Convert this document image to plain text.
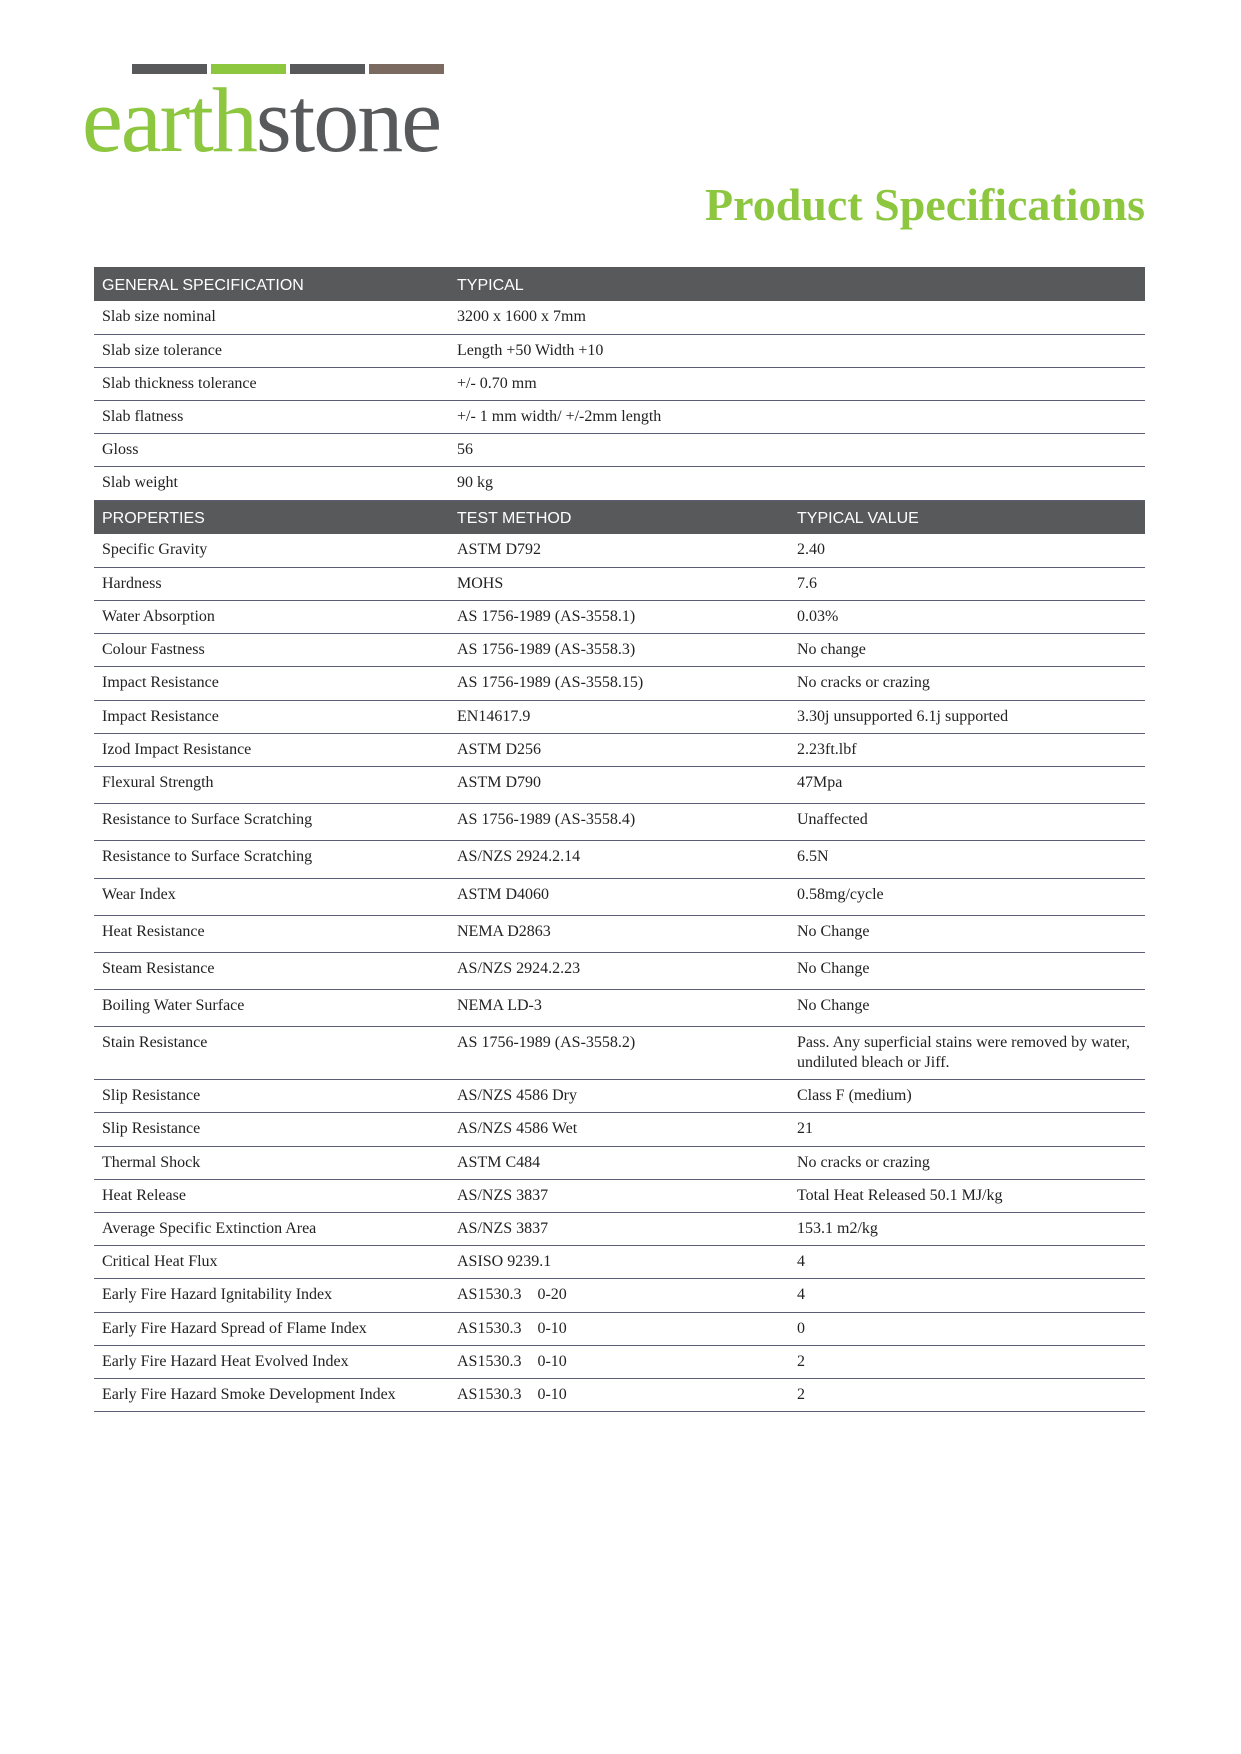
earthstone
Product Specifications
GENERAL SPECIFICATION	TYPICAL	
Slab size nominal	3200 x 1600 x 7mm	
Slab size tolerance	Length +50 Width +10	
Slab thickness tolerance	+/- 0.70 mm	
Slab flatness	+/- 1 mm width/ +/-2mm length	
Gloss	56	
Slab weight	90 kg	
PROPERTIES	TEST METHOD	TYPICAL VALUE
Specific Gravity	ASTM D792	2.40
Hardness	MOHS	7.6
Water Absorption	AS 1756-1989 (AS-3558.1)	0.03%
Colour Fastness	AS 1756-1989 (AS-3558.3)	No change
Impact Resistance	AS 1756-1989 (AS-3558.15)	No cracks or crazing
Impact Resistance	EN14617.9	3.30j unsupported 6.1j supported
Izod Impact Resistance	ASTM D256	2.23ft.lbf
Flexural Strength	ASTM D790	47Mpa
Resistance to Surface Scratching	AS 1756-1989 (AS-3558.4)	Unaffected
Resistance to Surface Scratching	AS/NZS 2924.2.14	6.5N
Wear Index	ASTM D4060	0.58mg/cycle
Heat Resistance	NEMA D2863	No Change
Steam Resistance	AS/NZS 2924.2.23	No Change
Boiling Water Surface	NEMA LD-3	No Change
Stain Resistance	AS 1756-1989 (AS-3558.2)	Pass. Any superficial stains were removed by water, undiluted bleach or Jiff.
Slip Resistance	AS/NZS 4586 Dry	Class F (medium)
Slip Resistance	AS/NZS 4586 Wet	21
Thermal Shock	ASTM C484	No cracks or crazing
Heat Release	AS/NZS 3837	Total Heat Released 50.1 MJ/kg
Average Specific Extinction Area	AS/NZS 3837	153.1 m2/kg
Critical Heat Flux	ASISO 9239.1	4
Early Fire Hazard Ignitability Index	AS1530.3    0-20	4
Early Fire Hazard Spread of Flame Index	AS1530.3    0-10	0
Early Fire Hazard Heat Evolved Index	AS1530.3    0-10	2
Early Fire Hazard Smoke Development Index	AS1530.3    0-10	2
